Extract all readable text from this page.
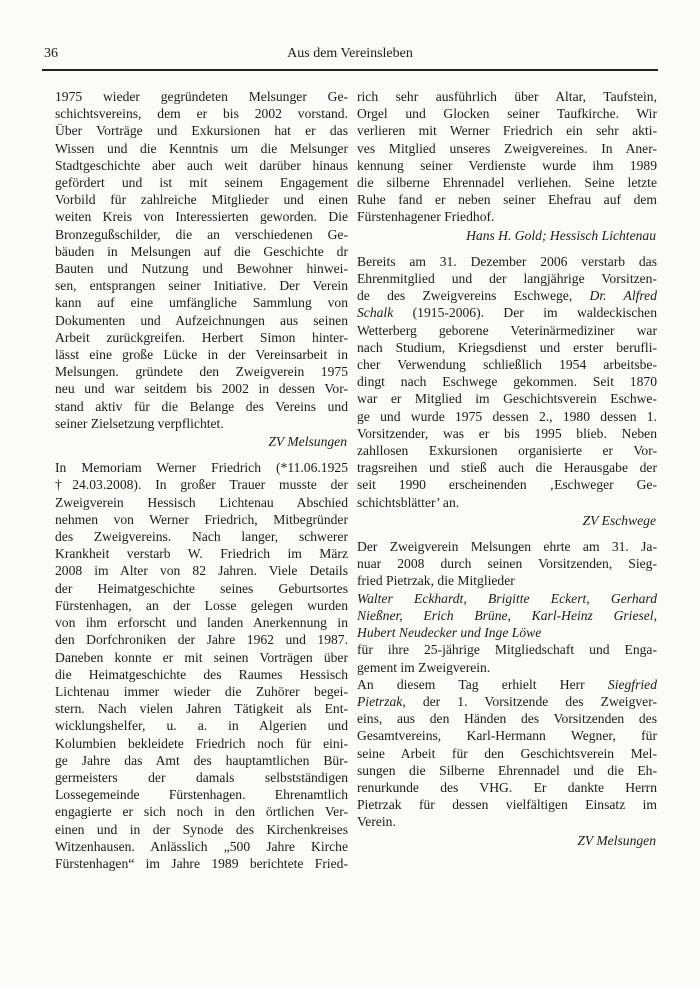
36	Aus dem Vereinsleben
1975 wieder gegründeten Melsunger Ge-
schichtsvereins, dem er bis 2002 vorstand.
Über Vorträge und Exkursionen hat er das
Wissen und die Kenntnis um die Melsunger
Stadtgeschichte aber auch weit darüber hinaus
gefördert und ist mit seinem Engagement
Vorbild für zahlreiche Mitglieder und einen
weiten Kreis von Interessierten geworden. Die
Bronzegußschilder, die an verschiedenen Ge-
bäuden in Melsungen auf die Geschichte dr
Bauten und Nutzung und Bewohner hinwei-
sen, entsprangen seiner Initiative. Der Verein
kann auf eine umfängliche Sammlung von
Dokumenten und Aufzeichnungen aus seinen
Arbeit zurückgreifen. Herbert Simon hinter-
lässt eine große Lücke in der Vereinsarbeit in
Melsungen. gründete den Zweigverein 1975
neu und war seitdem bis 2002 in dessen Vor-
stand aktiv für die Belange des Vereins und
seiner Zielsetzung verpflichtet.
ZV Melsungen
In Memoriam Werner Friedrich (*11.06.1925
†24.03.2008). In großer Trauer musste der
Zweigverein Hessisch Lichtenau Abschied
nehmen von Werner Friedrich, Mitbegründer
des Zweigvereins. Nach langer, schwerer
Krankheit verstarb W. Friedrich im März
2008 im Alter von 82 Jahren. Viele Details
der Heimatgeschichte seines Geburtsortes
Fürstenhagen, an der Losse gelegen wurden
von ihm erforscht und landen Anerkennung in
den Dorfchroniken der Jahre 1962 und 1987.
Daneben konnte er mit seinen Vorträgen über
die Heimatgeschichte des Raumes Hessisch
Lichtenau immer wieder die Zuhörer begei-
stern. Nach vielen Jahren Tätigkeit als Ent-
wicklungshelfer, u. a. in Algerien und
Kolumbien bekleidete Friedrich noch für eini-
ge Jahre das Amt des hauptamtlichen Bür-
germeisters der damals selbstständigen
Lossegemeinde Fürstenhagen. Ehrenamtlich
engagierte er sich noch in den örtlichen Ver-
einen und in der Synode des Kirchenkreises
Witzenhausen. Anlässlich „500 Jahre Kirche
Fürstenhagen“ im Jahre 1989 berichtete Fried-
rich sehr ausführlich über Altar, Taufstein,
Orgel und Glocken seiner Taufkirche. Wir
verlieren mit Werner Friedrich ein sehr akti-
ves Mitglied unseres Zweigvereines. In Aner-
kennung seiner Verdienste wurde ihm 1989
die silberne Ehrennadel verliehen. Seine letzte
Ruhe fand er neben seiner Ehefrau auf dem
Fürstenhagener Friedhof.
Hans H. Gold; Hessisch Lichtenau
Bereits am 31. Dezember 2006 verstarb das
Ehrenmitglied und der langjährige Vorsitzen-
de des Zweigvereins Eschwege, Dr. Alfred
Schalk (1915-2006). Der im waldeckischen
Wetterberg geborene Veterinärmediziner war
nach Studium, Kriegsdienst und erster berufli-
cher Verwendung schließlich 1954 arbeitsbe-
dingt nach Eschwege gekommen. Seit 1870
war er Mitglied im Geschichtsverein Eschwe-
ge und wurde 1975 dessen 2., 1980 dessen 1.
Vorsitzender, was er bis 1995 blieb. Neben
zahllosen Exkursionen organisierte er Vor-
tragsreihen und stieß auch die Herausgabe der
seit 1990 erscheinenden ‚Eschweger Ge-
schichtsblätter’ an.
ZV Eschwege
Der Zweigverein Melsungen ehrte am 31. Ja-
nuar 2008 durch seinen Vorsitzenden, Sieg-
fried Pietrzak, die Mitglieder
Walter Eckhardt, Brigitte Eckert, Gerhard
Nießner, Erich Brüne, Karl-Heinz Griesel,
Hubert Neudecker und Inge Löwe
für ihre 25-jährige Mitgliedschaft und Enga-
gement im Zweigverein.
An diesem Tag erhielt Herr Siegfried
Pietrzak, der 1. Vorsitzende des Zweigver-
eins, aus den Händen des Vorsitzenden des
Gesamtvereins, Karl-Hermann Wegner, für
seine Arbeit für den Geschichtsverein Mel-
sungen die Silberne Ehrennadel und die Eh-
renurkunde des VHG. Er dankte Herrn
Pietrzak für dessen vielfältigen Einsatz im
Verein.
ZV Melsungen
